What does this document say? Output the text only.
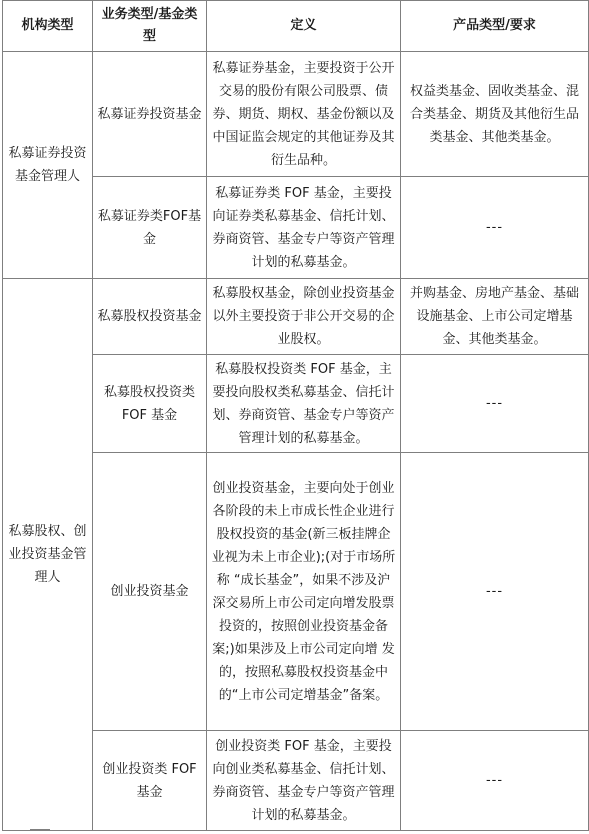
机构类型	业务类型/基金类型	定义	产品类型/要求
私募证券投资基金管理人	私募证券投资基金	私募证券基金，主要投资于公开交易的股份有限公司股票、债券、期货、期权、基金份额以及中国证监会规定的其他证券及其衍生品种。	权益类基金、固收类基金、混合类基金、期货及其他衍生品类基金、其他类基金。
	私募证券类FOF基金	私募证券类 FOF 基金，主要投向证券类私募基金、信托计划、券商资管、基金专户等资产管理计划的私募基金。	---
私募股权、创业投资基金管理人	私募股权投资基金	私募股权基金，除创业投资基金以外主要投资于非公开交易的企业股权。	并购基金、房地产基金、基础设施基金、上市公司定增基金、其他类基金。
	私募股权投资类 FOF 基金	私募股权投资类 FOF 基金，主要投向股权类私募基金、信托计划、券商资管、基金专户等资产管理计划的私募基金。	---
	创业投资基金	创业投资基金，主要向处于创业各阶段的未上市成长性企业进行股权投资的基金(新三板挂牌企业视为未上市企业);(对于市场所称 “成长基金”，如果不涉及沪深交易所上市公司定向增发股票投资的，按照创业投资基金备案;)如果涉及上市公司定向增 发的，按照私募股权投资基金中的“上市公司定增基金”备案。	---
	创业投资类 FOF 基金	创业投资类 FOF 基金，主要投向创业类私募基金、信托计划、券商资管、基金专户等资产管理计划的私募基金。	---
